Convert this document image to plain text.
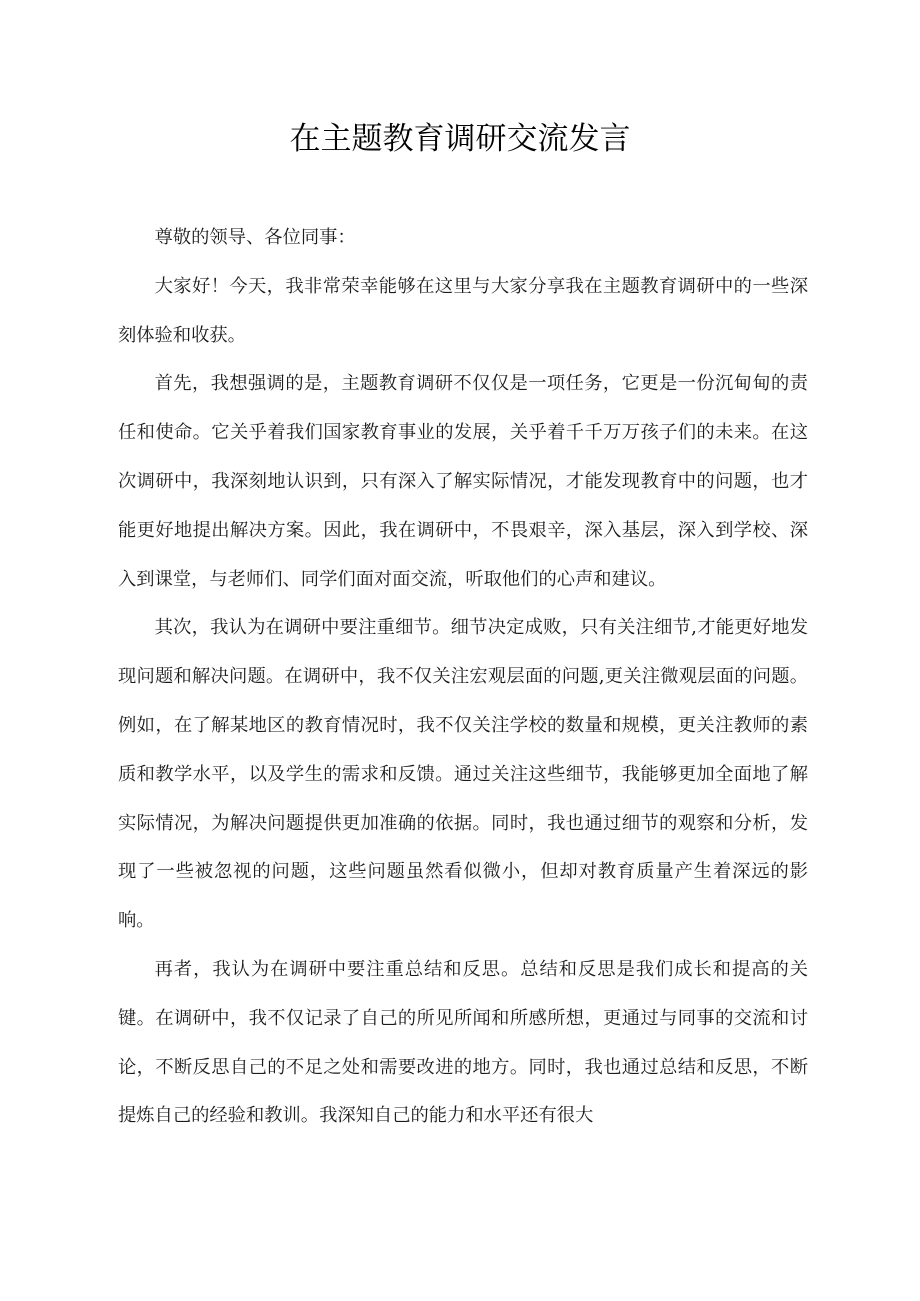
在主题教育调研交流发言

尊敬的领导、各位同事：

大家好！今天，我非常荣幸能够在这里与大家分享我在主题教育调研中的一些深刻体验和收获。

首先，我想强调的是，主题教育调研不仅仅是一项任务，它更是一份沉甸甸的责任和使命。它关乎着我们国家教育事业的发展，关乎着千千万万孩子们的未来。在这次调研中，我深刻地认识到，只有深入了解实际情况，才能发现教育中的问题，也才能更好地提出解决方案。因此，我在调研中，不畏艰辛，深入基层，深入到学校、深入到课堂，与老师们、同学们面对面交流，听取他们的心声和建议。

其次，我认为在调研中要注重细节。细节决定成败，只有关注细节,才能更好地发现问题和解决问题。在调研中，我不仅关注宏观层面的问题,更关注微观层面的问题。例如，在了解某地区的教育情况时，我不仅关注学校的数量和规模，更关注教师的素质和教学水平，以及学生的需求和反馈。通过关注这些细节，我能够更加全面地了解实际情况，为解决问题提供更加准确的依据。同时，我也通过细节的观察和分析，发现了一些被忽视的问题，这些问题虽然看似微小，但却对教育质量产生着深远的影响。

再者，我认为在调研中要注重总结和反思。总结和反思是我们成长和提高的关键。在调研中，我不仅记录了自己的所见所闻和所感所想，更通过与同事的交流和讨论，不断反思自己的不足之处和需要改进的地方。同时，我也通过总结和反思，不断提炼自己的经验和教训。我深知自己的能力和水平还有很大
